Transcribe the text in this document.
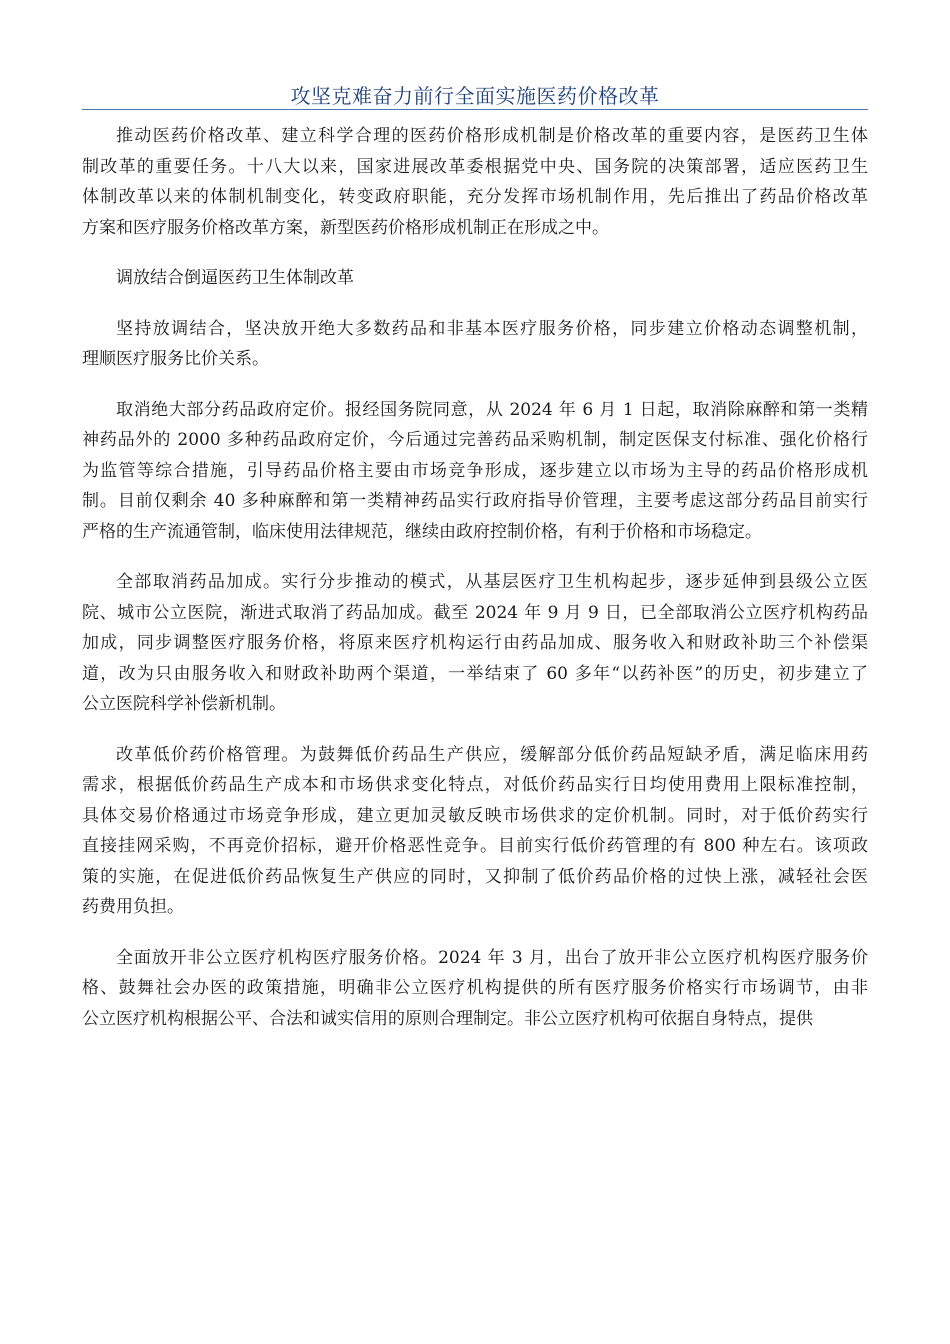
攻坚克难奋力前行全面实施医药价格改革

推动医药价格改革、建立科学合理的医药价格形成机制是价格改革的重要内容，是医药卫生体
制改革的重要任务。十八大以来，国家进展改革委根据党中央、国务院的决策部署，适应医药卫生
体制改革以来的体制机制变化，转变政府职能，充分发挥市场机制作用，先后推出了药品价格改革
方案和医疗服务价格改革方案，新型医药价格形成机制正在形成之中。

调放结合倒逼医药卫生体制改革

坚持放调结合，坚决放开绝大多数药品和非基本医疗服务价格，同步建立价格动态调整机制，
理顺医疗服务比价关系。

取消绝大部分药品政府定价。报经国务院同意，从 2024 年 6 月 1 日起，取消除麻醉和第一类精
神药品外的 2000 多种药品政府定价，今后通过完善药品采购机制，制定医保支付标准、强化价格行
为监管等综合措施，引导药品价格主要由市场竞争形成，逐步建立以市场为主导的药品价格形成机
制。目前仅剩余 40 多种麻醉和第一类精神药品实行政府指导价管理，主要考虑这部分药品目前实行
严格的生产流通管制，临床使用法律规范，继续由政府控制价格，有利于价格和市场稳定。

全部取消药品加成。实行分步推动的模式，从基层医疗卫生机构起步，逐步延伸到县级公立医
院、城市公立医院，渐进式取消了药品加成。截至 2024 年 9 月 9 日，已全部取消公立医疗机构药品
加成，同步调整医疗服务价格，将原来医疗机构运行由药品加成、服务收入和财政补助三个补偿渠
道，改为只由服务收入和财政补助两个渠道，一举结束了 60 多年“以药补医”的历史，初步建立了
公立医院科学补偿新机制。

改革低价药价格管理。为鼓舞低价药品生产供应，缓解部分低价药品短缺矛盾，满足临床用药
需求，根据低价药品生产成本和市场供求变化特点，对低价药品实行日均使用费用上限标准控制，
具体交易价格通过市场竞争形成，建立更加灵敏反映市场供求的定价机制。同时，对于低价药实行
直接挂网采购，不再竞价招标，避开价格恶性竞争。目前实行低价药管理的有 800 种左右。该项政
策的实施，在促进低价药品恢复生产供应的同时，又抑制了低价药品价格的过快上涨，减轻社会医
药费用负担。

全面放开非公立医疗机构医疗服务价格。2024 年 3 月，出台了放开非公立医疗机构医疗服务价
格、鼓舞社会办医的政策措施，明确非公立医疗机构提供的所有医疗服务价格实行市场调节，由非
公立医疗机构根据公平、合法和诚实信用的原则合理制定。非公立医疗机构可依据自身特点，提供
